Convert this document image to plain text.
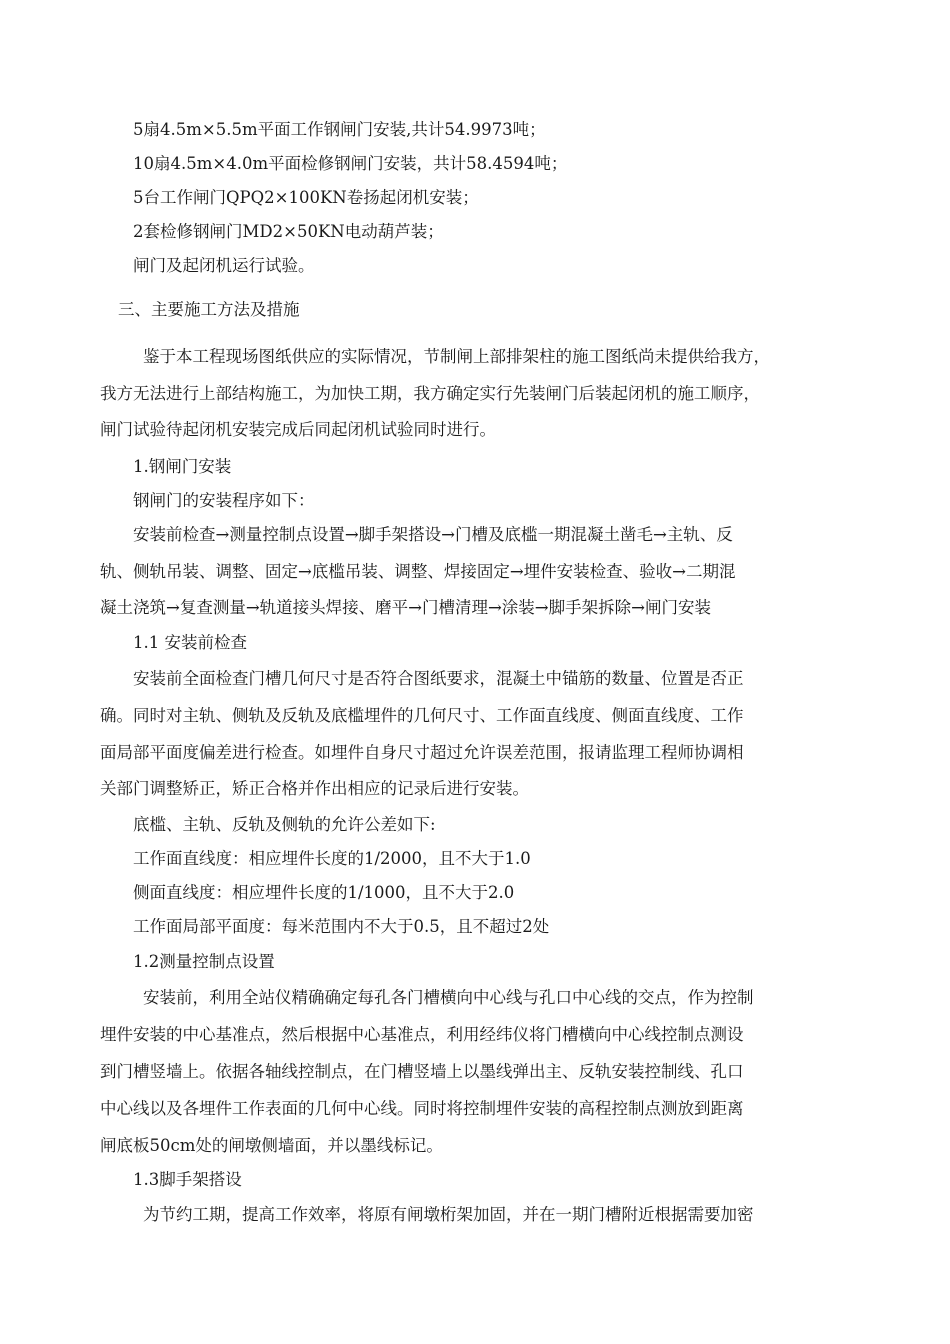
5扇4.5m×5.5m平面工作钢闸门安装,共计54.9973吨；
10扇4.5m×4.0m平面检修钢闸门安装，共计58.4594吨；
5台工作闸门QPQ2×100KN卷扬起闭机安装；
2套检修钢闸门MD2×50KN电动葫芦装；
闸门及起闭机运行试验。
三、主要施工方法及措施
鉴于本工程现场图纸供应的实际情况，节制闸上部排架柱的施工图纸尚未提供给我方，
我方无法进行上部结构施工，为加快工期，我方确定实行先装闸门后装起闭机的施工顺序，
闸门试验待起闭机安装完成后同起闭机试验同时进行。
1.钢闸门安装
钢闸门的安装程序如下：
安装前检查→测量控制点设置→脚手架搭设→门槽及底槛一期混凝土凿毛→主轨、反
轨、侧轨吊装、调整、固定→底槛吊装、调整、焊接固定→埋件安装检查、验收→二期混
凝土浇筑→复查测量→轨道接头焊接、磨平→门槽清理→涂装→脚手架拆除→闸门安装
1.1 安装前检查
安装前全面检查门槽几何尺寸是否符合图纸要求，混凝土中锚筋的数量、位置是否正
确。同时对主轨、侧轨及反轨及底槛埋件的几何尺寸、工作面直线度、侧面直线度、工作
面局部平面度偏差进行检查。如埋件自身尺寸超过允许误差范围，报请监理工程师协调相
关部门调整矫正，矫正合格并作出相应的记录后进行安装。
底槛、主轨、反轨及侧轨的允许公差如下:
工作面直线度：相应埋件长度的1/2000，且不大于1.0
侧面直线度：相应埋件长度的1/1000，且不大于2.0
工作面局部平面度：每米范围内不大于0.5，且不超过2处
1.2测量控制点设置
安装前，利用全站仪精确确定每孔各门槽横向中心线与孔口中心线的交点，作为控制
埋件安装的中心基准点，然后根据中心基准点，利用经纬仪将门槽横向中心线控制点测设
到门槽竖墙上。依据各轴线控制点，在门槽竖墙上以墨线弹出主、反轨安装控制线、孔口
中心线以及各埋件工作表面的几何中心线。同时将控制埋件安装的高程控制点测放到距离
闸底板50cm处的闸墩侧墙面，并以墨线标记。
1.3脚手架搭设
为节约工期，提高工作效率，将原有闸墩桁架加固，并在一期门槽附近根据需要加密
